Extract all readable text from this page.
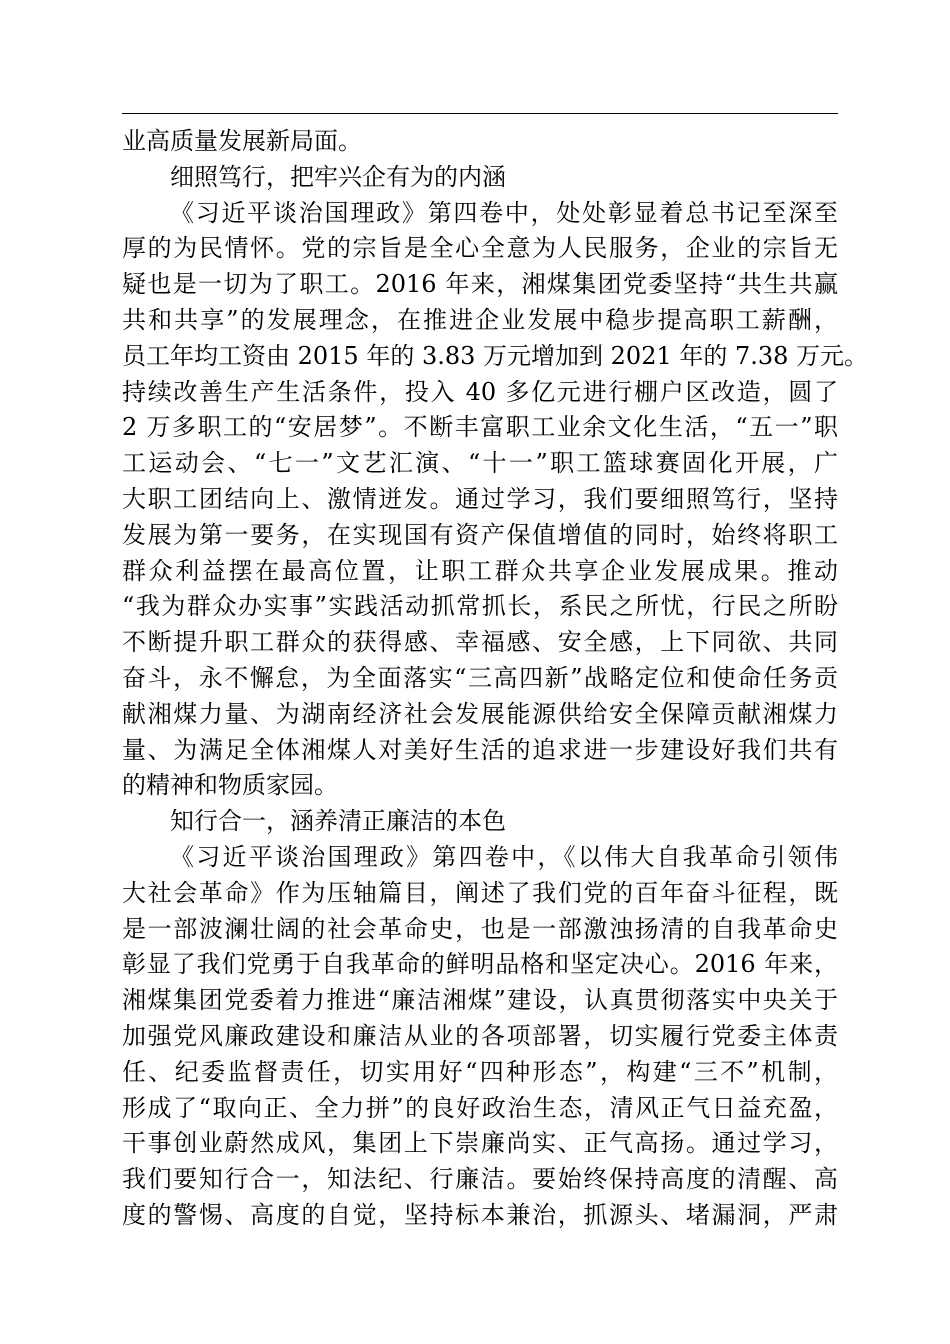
业高质量发展新局面。
细照笃行，把牢兴企有为的内涵
《习近平谈治国理政》第四卷中，处处彰显着总书记至深至
厚的为民情怀。党的宗旨是全心全意为人民服务，企业的宗旨无
疑也是一切为了职工。2016 年来，湘煤集团党委坚持“共生共赢
共和共享”的发展理念，在推进企业发展中稳步提高职工薪酬，
员工年均工资由 2015 年的 3.83 万元增加到 2021 年的 7.38 万元。
持续改善生产生活条件，投入 40 多亿元进行棚户区改造，圆了
2 万多职工的“安居梦”。不断丰富职工业余文化生活，“五一”职
工运动会、“七一”文艺汇演、“十一”职工篮球赛固化开展，广
大职工团结向上、激情迸发。通过学习，我们要细照笃行，坚持
发展为第一要务，在实现国有资产保值增值的同时，始终将职工
群众利益摆在最高位置，让职工群众共享企业发展成果。推动
“我为群众办实事”实践活动抓常抓长，系民之所忧，行民之所盼
不断提升职工群众的获得感、幸福感、安全感，上下同欲、共同
奋斗，永不懈怠，为全面落实“三高四新”战略定位和使命任务贡
献湘煤力量、为湖南经济社会发展能源供给安全保障贡献湘煤力
量、为满足全体湘煤人对美好生活的追求进一步建设好我们共有
的精神和物质家园。
知行合一，涵养清正廉洁的本色
《习近平谈治国理政》第四卷中，《以伟大自我革命引领伟
大社会革命》作为压轴篇目，阐述了我们党的百年奋斗征程，既
是一部波澜壮阔的社会革命史，也是一部激浊扬清的自我革命史
彰显了我们党勇于自我革命的鲜明品格和坚定决心。2016 年来，
湘煤集团党委着力推进“廉洁湘煤”建设，认真贯彻落实中央关于
加强党风廉政建设和廉洁从业的各项部署，切实履行党委主体责
任、纪委监督责任，切实用好“四种形态”，构建“三不”机制，
形成了“取向正、全力拼”的良好政治生态，清风正气日益充盈，
干事创业蔚然成风，集团上下崇廉尚实、正气高扬。通过学习，
我们要知行合一，知法纪、行廉洁。要始终保持高度的清醒、高
度的警惕、高度的自觉，坚持标本兼治，抓源头、堵漏洞，严肃
